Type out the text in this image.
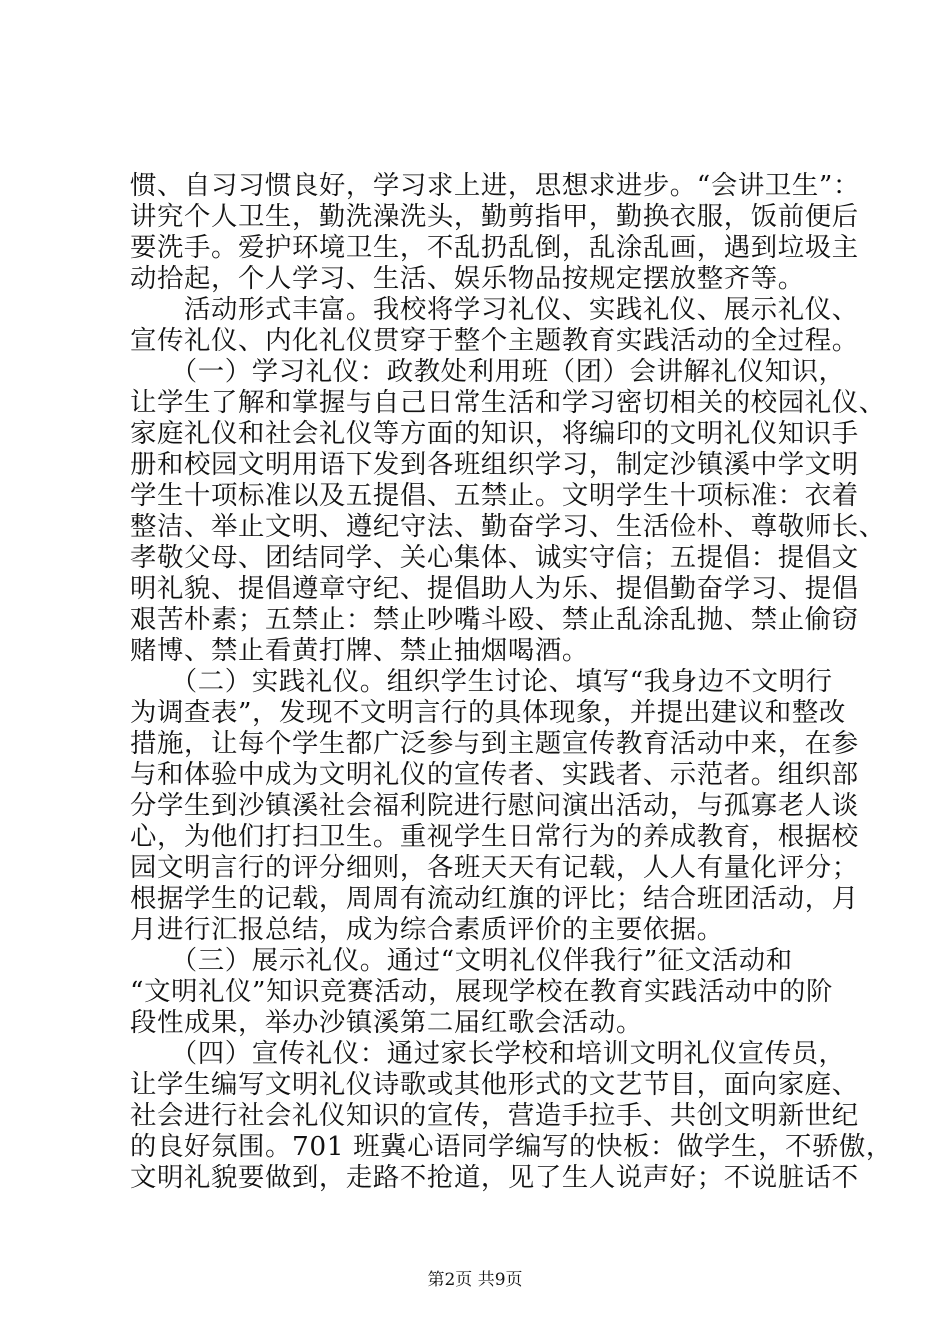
惯、自习习惯良好，学习求上进，思想求进步。“会讲卫生”：

讲究个人卫生，勤洗澡洗头，勤剪指甲，勤换衣服，饭前便后

要洗手。爱护环境卫生，不乱扔乱倒，乱涂乱画，遇到垃圾主

动拾起，个人学习、生活、娱乐物品按规定摆放整齐等。

　　活动形式丰富。我校将学习礼仪、实践礼仪、展示礼仪、

宣传礼仪、内化礼仪贯穿于整个主题教育实践活动的全过程。

　　（一）学习礼仪：政教处利用班（团）会讲解礼仪知识，

让学生了解和掌握与自己日常生活和学习密切相关的校园礼仪、

家庭礼仪和社会礼仪等方面的知识，将编印的文明礼仪知识手

册和校园文明用语下发到各班组织学习，制定沙镇溪中学文明

学生十项标准以及五提倡、五禁止。文明学生十项标准：衣着

整洁、举止文明、遵纪守法、勤奋学习、生活俭朴、尊敬师长、

孝敬父母、团结同学、关心集体、诚实守信；五提倡：提倡文

明礼貌、提倡遵章守纪、提倡助人为乐、提倡勤奋学习、提倡

艰苦朴素；五禁止：禁止吵嘴斗殴、禁止乱涂乱抛、禁止偷窃

赌博、禁止看黄打牌、禁止抽烟喝酒。

　　（二）实践礼仪。组织学生讨论、填写“我身边不文明行

为调查表”，发现不文明言行的具体现象，并提出建议和整改

措施，让每个学生都广泛参与到主题宣传教育活动中来，在参

与和体验中成为文明礼仪的宣传者、实践者、示范者。组织部

分学生到沙镇溪社会福利院进行慰问演出活动，与孤寡老人谈

心，为他们打扫卫生。重视学生日常行为的养成教育，根据校

园文明言行的评分细则，各班天天有记载，人人有量化评分；

根据学生的记载，周周有流动红旗的评比；结合班团活动，月

月进行汇报总结，成为综合素质评价的主要依据。

　　（三）展示礼仪。通过“文明礼仪伴我行”征文活动和

“文明礼仪”知识竞赛活动，展现学校在教育实践活动中的阶

段性成果，举办沙镇溪第二届红歌会活动。

　　（四）宣传礼仪：通过家长学校和培训文明礼仪宣传员，

让学生编写文明礼仪诗歌或其他形式的文艺节目，面向家庭、

社会进行社会礼仪知识的宣传，营造手拉手、共创文明新世纪

的良好氛围。701 班冀心语同学编写的快板：做学生，不骄傲，

文明礼貌要做到，走路不抢道，见了生人说声好；不说脏话不

第2页 共9页
